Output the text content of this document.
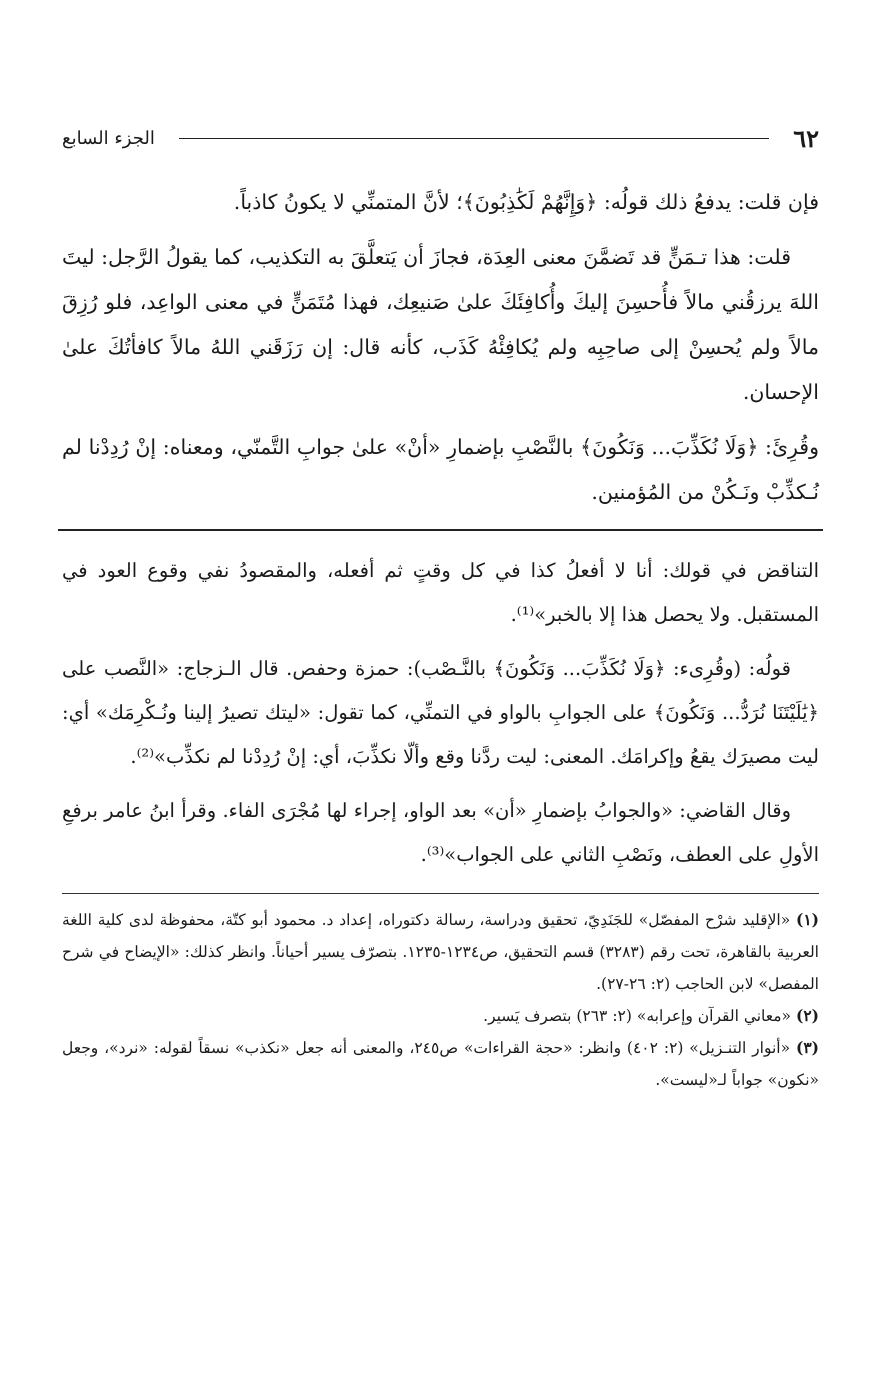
٦٢
الجزء السابع

فإن قلت: يدفعُ ذلك قولُه: ﴿وَإِنَّهُمْ لَكَٰذِبُونَ﴾؛ لأنَّ المتمنِّي لا يكونُ كاذباً.

قلت: هذا تـمَنٍّ قد تَضمَّنَ معنى العِدَة، فجازَ أن يَتعلَّقَ به التكذيب، كما يقولُ الرَّجل: ليتَ اللهَ يرزقُني مالاً فأُحسِنَ إليكَ وأُكافِئَكَ علىٰ صَنيعِك، فهذا مُتَمَنٍّ في معنى الواعِد، فلو رُزِقَ مالاً ولم يُحسِنْ إلى صاحِبِه ولم يُكافِئْهُ كَذَب، كأنه قال: إن رَزَقَني اللهُ مالاً كافأتُكَ علىٰ الإحسان.

وقُرِئَ: ﴿وَلَا نُكَذِّبَ... وَنَكُونَ﴾ بالنَّصْبِ بإضمارِ «أنْ» علىٰ جوابِ التَّمنّي، ومعناه: إنْ رُدِدْنا لم نُـكذِّبْ ونَـكُنْ من المُؤمنين.

التناقض في قولك: أنا لا أفعلُ كذا في كل وقتٍ ثم أفعله، والمقصودُ نفي وقوع العود في المستقبل. ولا يحصل هذا إلا بالخبر»⁽¹⁾.

قولُه: (وقُرِىء: ﴿وَلَا نُكَذِّبَ... وَنَكُونَ﴾ بالنَّـصْب): حمزة وحفص. قال الـزجاج: «النَّصب على ﴿يَٰلَيْتَنَا نُرَدُّ... وَنَكُونَ﴾ على الجوابِ بالواو في التمنِّي، كما تقول: «ليتك تصيرُ إلينا ونُـكْرِمَك» أي: ليت مصيرَك يقعُ وإكرامَك. المعنى: ليت ردَّنا وقع وألّا نكذِّبَ، أي: إنْ رُدِدْنا لم نكذِّب»⁽²⁾.

وقال القاضي: «والجوابُ بإضمارِ «أن» بعد الواو، إجراء لها مُجْرَى الفاء. وقرأ ابنُ عامر برفعِ الأولِ على العطف، ونَصْبِ الثاني على الجواب»⁽³⁾.

(١) «الإقليد شرْح المفصّل» للجَنَدِيّ، تحقيق ودراسة، رسالة دكتوراه، إعداد د. محمود أبو كتّة، محفوظة لدى كلية اللغة العربية بالقاهرة، تحت رقم (٣٢٨٣) قسم التحقيق، ص١٢٣٤-١٢٣٥. بتصرّف يسير أحياناً. وانظر كذلك: «الإيضاح في شرح المفصل» لابن الحاجب (٢: ٢٦-٢٧).

(٢) «معاني القرآن وإعرابه» (٢: ٢٦٣) بتصرف يَسير.

(٣) «أنوار التنـزيل» (٢: ٤٠٢) وانظر: «حجة القراءات» ص٢٤٥، والمعنى أنه جعل «نكذب» نسقاً لقوله: «نرد»، وجعل «نكون» جواباً لـ«ليست».
